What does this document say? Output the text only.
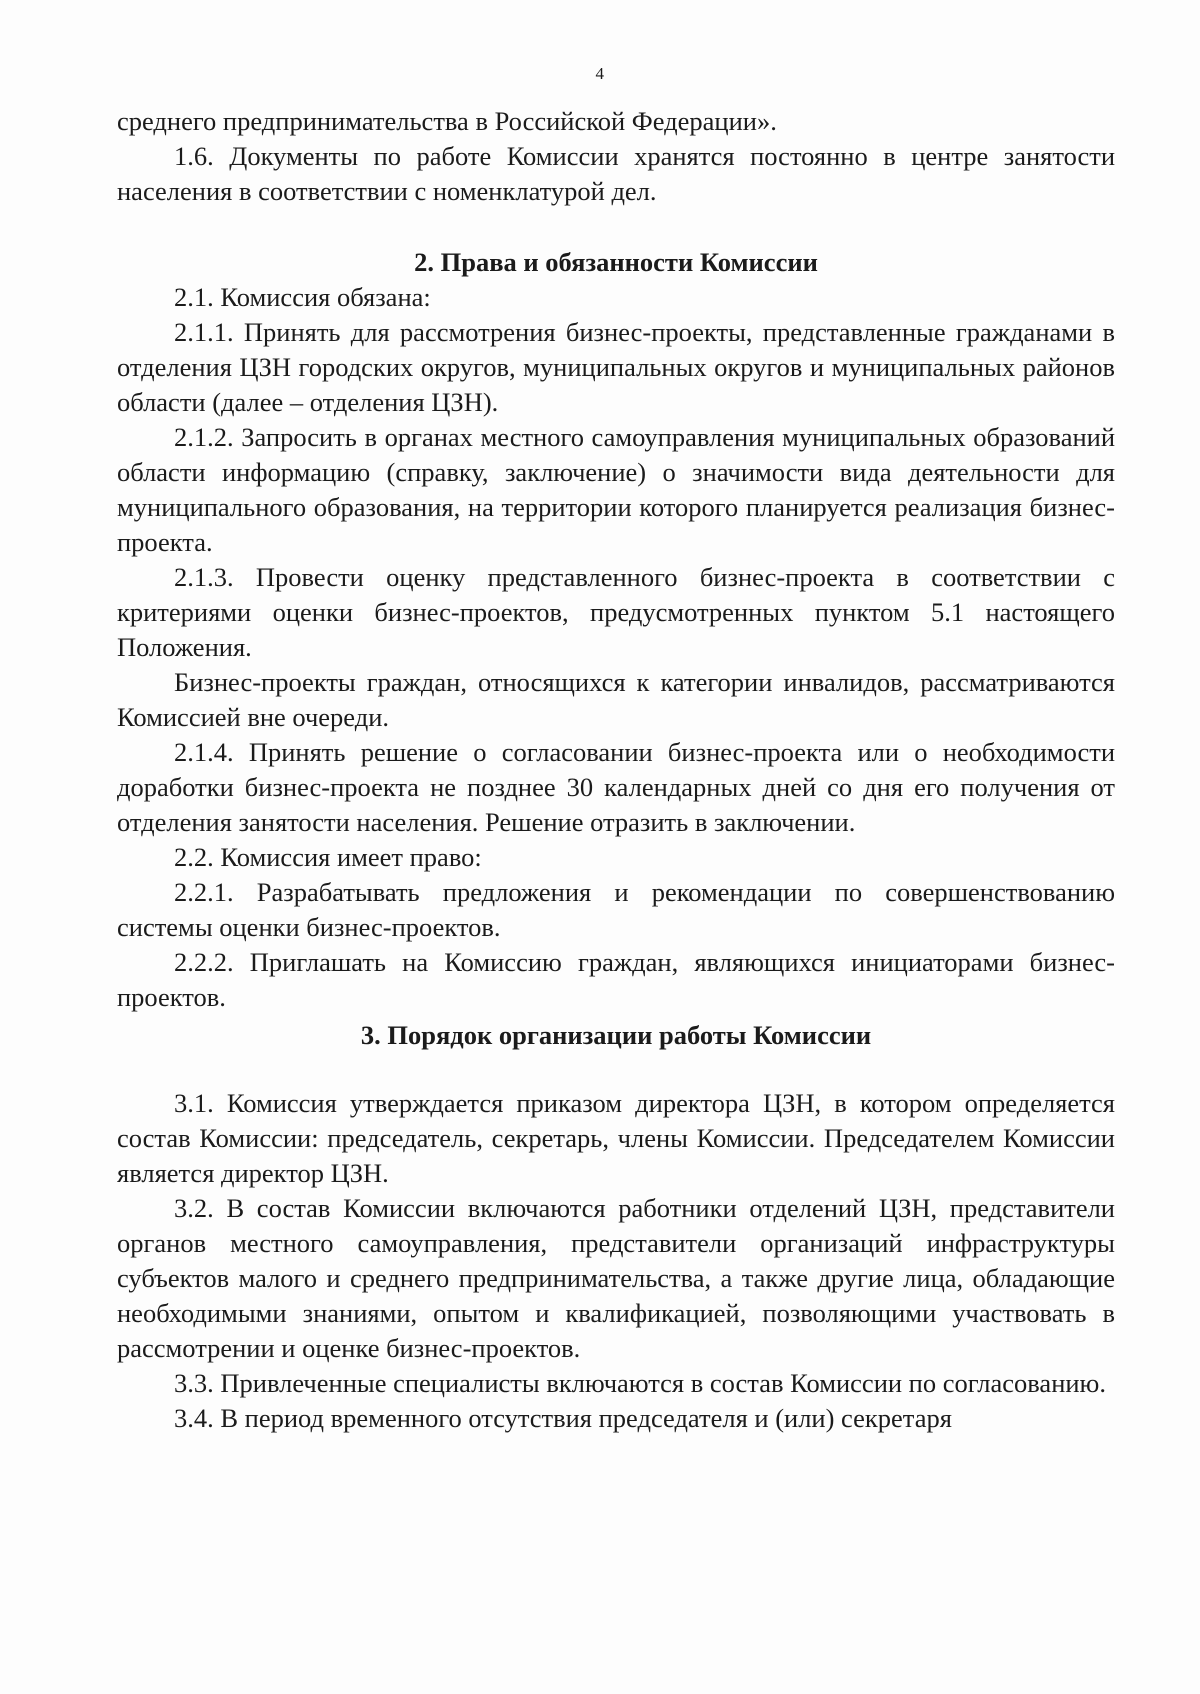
4

среднего предпринимательства в Российской Федерации».

1.6. Документы по работе Комиссии хранятся постоянно в центре занятости населения в соответствии с номенклатурой дел.

2. Права и обязанности Комиссии

2.1. Комиссия обязана:

2.1.1. Принять для рассмотрения бизнес-проекты, представленные гражданами в отделения ЦЗН городских округов, муниципальных округов и муниципальных районов области (далее – отделения ЦЗН).

2.1.2. Запросить в органах местного самоуправления муниципальных образований области информацию (справку, заключение) о значимости вида деятельности для муниципального образования, на территории которого планируется реализация бизнес-проекта.

2.1.3. Провести оценку представленного бизнес-проекта в соответствии с критериями оценки бизнес-проектов, предусмотренных пунктом 5.1 настоящего Положения.

Бизнес-проекты граждан, относящихся к категории инвалидов, рассматриваются Комиссией вне очереди.

2.1.4. Принять решение о согласовании бизнес-проекта или о необходимости доработки бизнес-проекта не позднее 30 календарных дней со дня его получения от отделения занятости населения. Решение отразить в заключении.

2.2. Комиссия имеет право:

2.2.1. Разрабатывать предложения и рекомендации по совершенствованию системы оценки бизнес-проектов.

2.2.2. Приглашать на Комиссию граждан, являющихся инициаторами бизнес-проектов.

3. Порядок организации работы Комиссии

3.1. Комиссия утверждается приказом директора ЦЗН, в котором определяется состав Комиссии: председатель, секретарь, члены Комиссии. Председателем Комиссии является директор ЦЗН.

3.2. В состав Комиссии включаются работники отделений ЦЗН, представители органов местного самоуправления, представители организаций инфраструктуры субъектов малого и среднего предпринимательства, а также другие лица, обладающие необходимыми знаниями, опытом и квалификацией, позволяющими участвовать в рассмотрении и оценке бизнес-проектов.

3.3. Привлеченные специалисты включаются в состав Комиссии по согласованию.

3.4. В период временного отсутствия председателя и (или) секретаря
